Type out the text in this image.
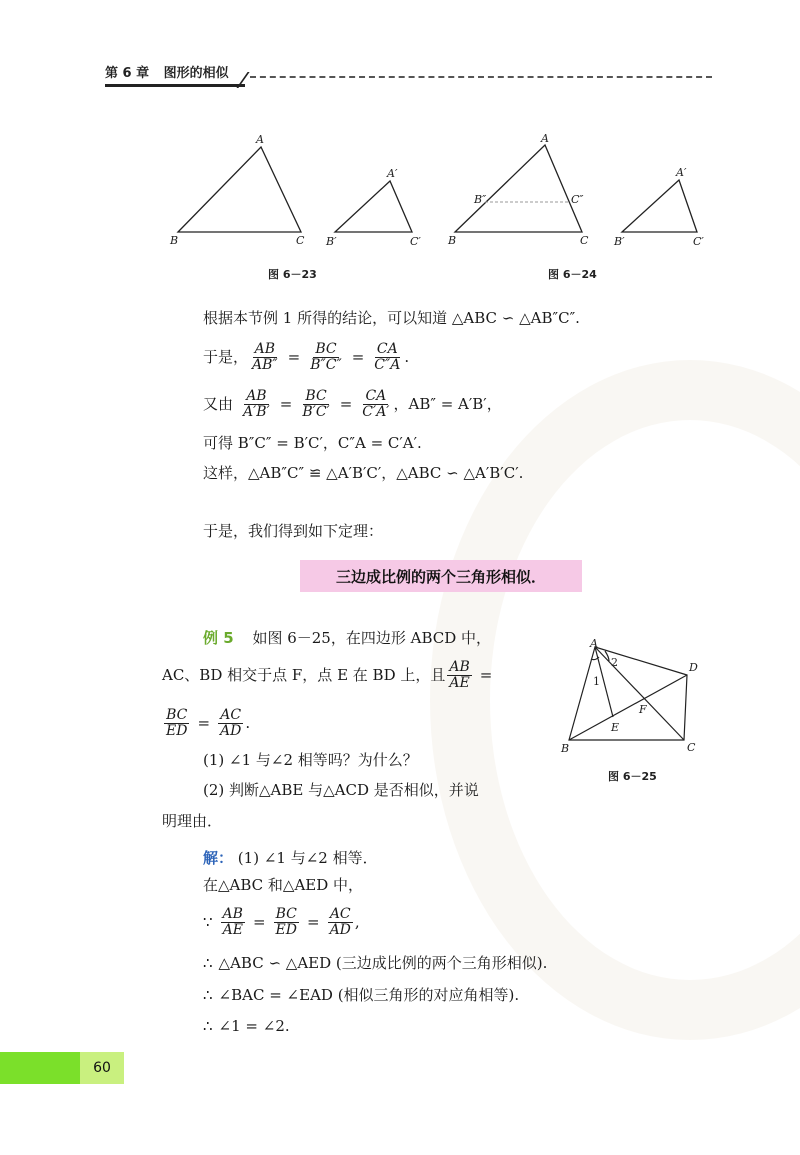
第 6 章 图形的相似
A
B	C
A′
B′	C′
A
B″	C″
B	C
A′
B′	C′
图 6－23	图 6－24
根据本节例 1 所得的结论，可以知道 △ABC ∽ △AB″C″.
于是， $\frac{AB}{AB''} = \frac{BC}{B''C''} = \frac{CA}{C''A}$ .
又由 $\frac{AB}{A'B'} = \frac{BC}{B'C'} = \frac{CA}{C'A'}$ ，AB″ = A′B′，
可得 B″C″ = B′C′，C″A = C′A′.
这样，△AB″C″ ≌ △A′B′C′，△ABC ∽ △A′B′C′.
于是，我们得到如下定理：
三边成比例的两个三角形相似．
例 5 如图 6－25，在四边形 ABCD 中，
AC、BD 相交于点 F，点 E 在 BD 上，且 $\frac{AB}{AE}$ =
$\frac{BC}{ED} = \frac{AC}{AD}$ .
(1) ∠1 与∠2 相等吗？为什么？
(2) 判断△ABE 与△ACD 是否相似，并说
明理由．
A
D
C
B
E
F
1
2
图 6－25
解： (1) ∠1 与∠2 相等．
在△ABC 和△AED 中，
∵ $\frac{AB}{AE} = \frac{BC}{ED} = \frac{AC}{AD}$ ,
∴ △ABC ∽ △AED (三边成比例的两个三角形相似).
∴ ∠BAC = ∠EAD (相似三角形的对应角相等).
∴ ∠1 = ∠2.
60
